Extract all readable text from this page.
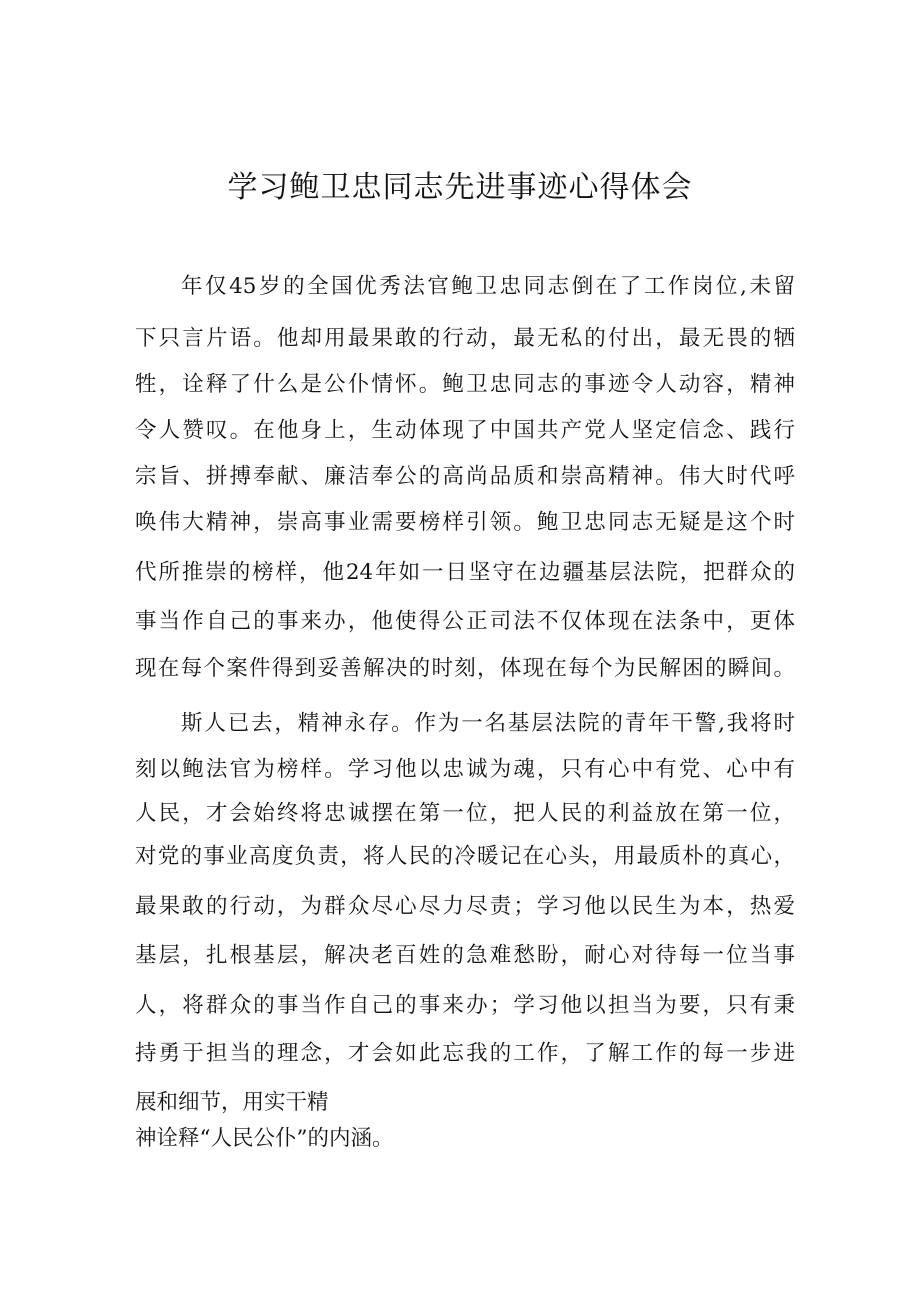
学习鲍卫忠同志先进事迹心得体会
年仅45岁的全国优秀法官鲍卫忠同志倒在了工作岗位,未留
下只言片语。他却用最果敢的行动，最无私的付出，最无畏的牺
牲，诠释了什么是公仆情怀。鲍卫忠同志的事迹令人动容，精神
令人赞叹。在他身上，生动体现了中国共产党人坚定信念、践行
宗旨、拼搏奉献、廉洁奉公的高尚品质和崇高精神。伟大时代呼
唤伟大精神，崇高事业需要榜样引领。鲍卫忠同志无疑是这个时
代所推崇的榜样，他24年如一日坚守在边疆基层法院，把群众的
事当作自己的事来办，他使得公正司法不仅体现在法条中，更体
现在每个案件得到妥善解决的时刻，体现在每个为民解困的瞬间。
斯人已去，精神永存。作为一名基层法院的青年干警,我将时
刻以鲍法官为榜样。学习他以忠诚为魂，只有心中有党、心中有
人民，才会始终将忠诚摆在第一位，把人民的利益放在第一位，
对党的事业高度负责，将人民的冷暖记在心头，用最质朴的真心，
最果敢的行动，为群众尽心尽力尽责；学习他以民生为本，热爱
基层，扎根基层，解决老百姓的急难愁盼，耐心对待每一位当事
人，将群众的事当作自己的事来办；学习他以担当为要，只有秉
持勇于担当的理念，才会如此忘我的工作，了解工作的每一步进
展和细节，用实干精
神诠释“人民公仆”的内涵。
